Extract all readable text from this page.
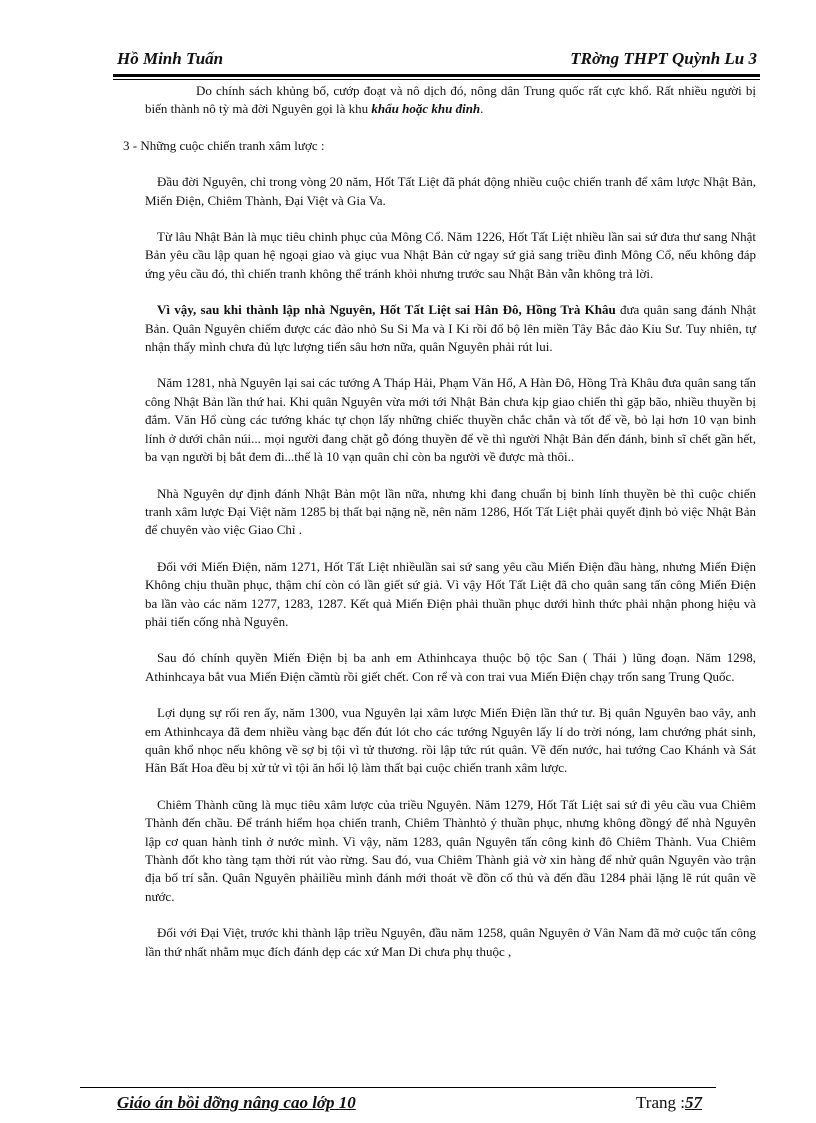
Hồ Minh Tuấn	TRờng THPT Quỳnh Lu 3

Do chính sách khủng bố, cướp đoạt và nô dịch đó, nông dân Trung quốc rất cực khổ. Rất nhiều người bị biến thành nô tỳ mà đời Nguyên gọi là khu khẩu hoặc khu đinh.

3 - Những cuộc chiến tranh xâm lược :

Đầu đời Nguyên, chỉ trong vòng 20 năm, Hốt Tất Liệt đã phát động nhiều cuộc chiến tranh để xâm lược Nhật Bản, Miến Điện, Chiêm Thành, Đại Việt và Gia Va.

Từ lâu Nhật Bản là mục tiêu chinh phục của Mông Cổ. Năm 1226, Hốt Tất Liệt nhiều lần sai sứ đưa thư sang Nhật Bản yêu cầu lập quan hệ ngoại giao và giục vua Nhật Bản cử ngay sứ giả sang triều đình Mông Cổ, nếu không đáp ứng yêu cầu đó, thì chiến tranh không thể tránh khỏi nhưng trước sau Nhật Bản vẫn không trả lời.

Vì vậy, sau khi thành lập nhà Nguyên, Hốt Tất Liệt sai Hân Đô, Hồng Trà Khâu đưa quân sang đánh Nhật Bản. Quân Nguyên chiếm được các đảo nhỏ Su Si Ma và I Ki rồi đổ bộ lên miền Tây Bắc đảo Kiu Sư. Tuy nhiên, tự nhận thấy mình chưa đủ lực lượng tiến sâu hơn nữa, quân Nguyên phải rút lui.

Năm 1281, nhà Nguyên lại sai các tướng A Tháp Hải, Phạm Văn Hổ, A Hàn Đô, Hồng Trà Khâu đưa quân sang tấn công Nhật Bản lần thứ hai. Khi quân Nguyên vừa mới tới Nhật Bản chưa kịp giao chiến thì gặp bão, nhiều thuyền bị đắm. Văn Hổ cùng các tướng khác tự chọn lấy những chiếc thuyền chắc chắn và tốt để về, bỏ lại hơn 10 vạn binh lính ở dưới chân núi... mọi người đang chặt gỗ đóng thuyền để về thì người Nhật Bản đến đánh, binh sĩ chết gần hết, ba vạn người bị bắt đem đi...thế là 10 vạn quân chỉ còn ba người về được mà thôi..

Nhà Nguyên dự định đánh Nhật Bản một lần nữa, nhưng khi đang chuẩn bị binh lính thuyền bè thì cuộc chiến tranh xâm lược Đại Việt năm 1285 bị thất bại nặng nề, nên năm 1286, Hốt Tất Liệt phải quyết định bỏ việc Nhật Bản để chuyên vào việc Giao Chỉ .

Đối với Miến Điện, năm 1271, Hốt Tất Liệt nhiềulần sai sứ sang yêu cầu Miến Điện đầu hàng, nhưng Miến Điện Không chịu thuần phục, thậm chí còn có lần giết sứ giả. Vì vậy Hốt Tất Liệt đã cho quân sang tấn công Miến Điện ba lần vào các năm 1277, 1283, 1287. Kết quả Miến Điện phải thuần phục dưới hình thức phải nhận phong hiệu và phải tiến cống nhà Nguyên.

Sau đó chính quyền Miến Điện bị ba anh em Athinhcaya thuộc bộ tộc San ( Thái ) lũng đoạn. Năm 1298, Athinhcaya bắt vua Miến Điện cầmtù rồi giết chết. Con rể và con trai vua Miến Điện chạy trốn sang Trung Quốc.

Lợi dụng sự rối ren ấy, năm 1300, vua Nguyên lại xâm lược Miến Điện lần thứ tư. Bị quân Nguyên bao vây, anh em Athinhcaya đã đem nhiều vàng bạc đến đút lót cho các tướng Nguyên lấy lí do trời nóng, lam chướng phát sinh, quân khổ nhọc nếu không về sợ bị tội vì tử thương. rồi lập tức rút quân. Về đến nước, hai tướng Cao Khánh và Sát Hãn Bất Hoa đều bị xử tử vì tội ăn hối lộ làm thất bại cuộc chiến tranh xâm lược.

Chiêm Thành cũng là mục tiêu xâm lược của triều Nguyên. Năm 1279, Hốt Tất Liệt sai sứ đi yêu cầu vua Chiêm Thành đến chầu. Để tránh hiểm họa chiến tranh, Chiêm Thànhtỏ ý thuần phục, nhưng không đồngý để nhà Nguyên lập cơ quan hành tỉnh ở nước mình. Vì vậy, năm 1283, quân Nguyên tấn công kinh đô Chiêm Thành. Vua Chiêm Thành đốt kho tàng tạm thời rút vào rừng. Sau đó, vua Chiêm Thành giả vờ xin hàng để nhử quân Nguyên vào trận địa bố trí sẵn. Quân Nguyên phảiliều mình đánh mới thoát về đồn cố thủ và đến đầu 1284 phải lặng lẽ rút quân về nước.

Đối với Đại Việt, trước khi thành lập triều Nguyên, đầu năm 1258, quân Nguyên ở Vân Nam đã mở cuộc tấn công lần thứ nhất nhằm mục đích đánh dẹp các xứ Man Di chưa phụ thuộc ,

Giáo án bồi dỡng nâng cao lớp 10	Trang :57
